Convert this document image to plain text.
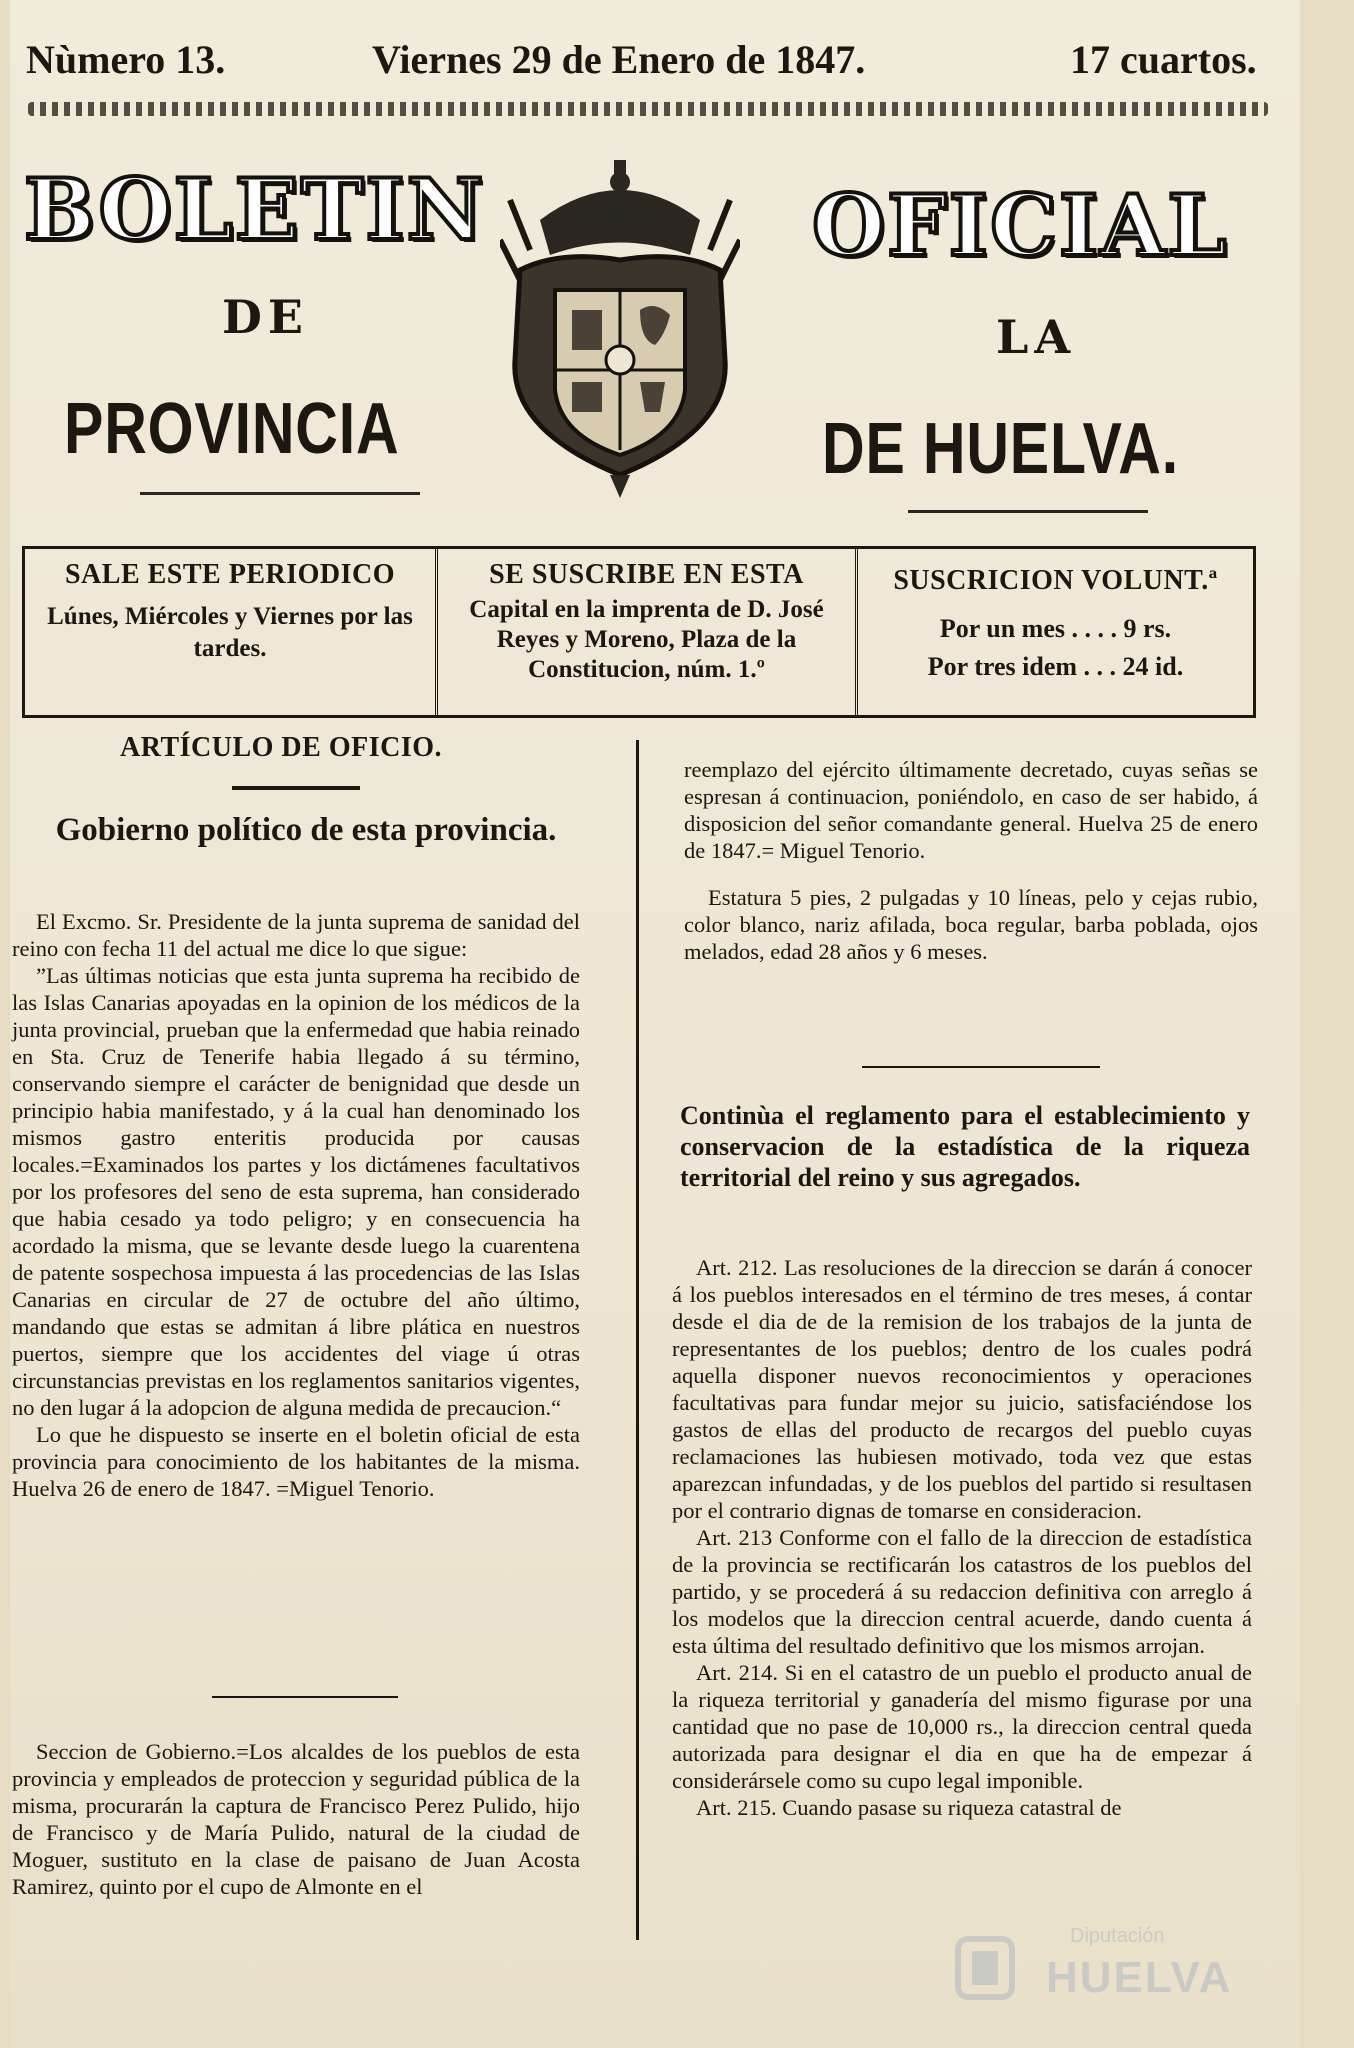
Nùmero 13.	Viernes 29 de Enero de 1847.	17 cuartos.
BOLETIN	OFICIAL
DE	LA
PROVINCIA	DE HUELVA.
SALE ESTE PERIODICO
Lúnes, Miércoles y Viernes por las tardes.
SE SUSCRIBE EN ESTA
Capital en la imprenta de D. José Reyes y Moreno, Plaza de la Constitucion, núm. 1.º
SUSCRICION VOLUNT.ª
Por un mes . . . . 9 rs.
Por tres idem . . . 24 id.
ARTÍCULO DE OFICIO.
Gobierno político de esta provincia.

El Excmo. Sr. Presidente de la junta suprema de sanidad del reino con fecha 11 del actual me dice lo que sigue:

”Las últimas noticias que esta junta suprema ha recibido de las Islas Canarias apoyadas en la opinion de los médicos de la junta provincial, prueban que la enfermedad que habia reinado en Sta. Cruz de Tenerife habia llegado á su término, conservando siempre el carácter de benignidad que desde un principio habia manifestado, y á la cual han denominado los mismos gastro enteritis producida por causas locales.=Examinados los partes y los dictámenes facultativos por los profesores del seno de esta suprema, han considerado que habia cesado ya todo peligro; y en consecuencia ha acordado la misma, que se levante desde luego la cuarentena de patente sospechosa impuesta á las procedencias de las Islas Canarias en circular de 27 de octubre del año último, mandando que estas se admitan á libre plática en nuestros puertos, siempre que los accidentes del viage ú otras circunstancias previstas en los reglamentos sanitarios vigentes, no den lugar á la adopcion de alguna medida de precaucion.“

Lo que he dispuesto se inserte en el boletin oficial de esta provincia para conocimiento de los habitantes de la misma. Huelva 26 de enero de 1847. =Miguel Tenorio.

Seccion de Gobierno.=Los alcaldes de los pueblos de esta provincia y empleados de proteccion y seguridad pública de la misma, procurarán la captura de Francisco Perez Pulido, hijo de Francisco y de María Pulido, natural de la ciudad de Moguer, sustituto en la clase de paisano de Juan Acosta Ramirez, quinto por el cupo de Almonte en el

reemplazo del ejército últimamente decretado, cuyas señas se espresan á continuacion, poniéndolo, en caso de ser habido, á disposicion del señor comandante general. Huelva 25 de enero de 1847.= Miguel Tenorio.

Estatura 5 pies, 2 pulgadas y 10 líneas, pelo y cejas rubio, color blanco, nariz afilada, boca regular, barba poblada, ojos melados, edad 28 años y 6 meses.

Continùa el reglamento para el establecimiento y conservacion de la estadística de la riqueza territorial del reino y sus agregados.

Art. 212. Las resoluciones de la direccion se darán á conocer á los pueblos interesados en el término de tres meses, á contar desde el dia de de la remision de los trabajos de la junta de representantes de los pueblos; dentro de los cuales podrá aquella disponer nuevos reconocimientos y operaciones facultativas para fundar mejor su juicio, satisfaciéndose los gastos de ellas del producto de recargos del pueblo cuyas reclamaciones las hubiesen motivado, toda vez que estas aparezcan infundadas, y de los pueblos del partido si resultasen por el contrario dignas de tomarse en consideracion.

Art. 213 Conforme con el fallo de la direccion de estadística de la provincia se rectificarán los catastros de los pueblos del partido, y se procederá á su redaccion definitiva con arreglo á los modelos que la direccion central acuerde, dando cuenta á esta última del resultado definitivo que los mismos arrojan.

Art. 214. Si en el catastro de un pueblo el producto anual de la riqueza territorial y ganadería del mismo figurase por una cantidad que no pase de 10,000 rs., la direccion central queda autorizada para designar el dia en que ha de empezar á considerársele como su cupo legal imponible.

Art. 215. Cuando pasase su riqueza catastral de

Diputación
HUELVA
